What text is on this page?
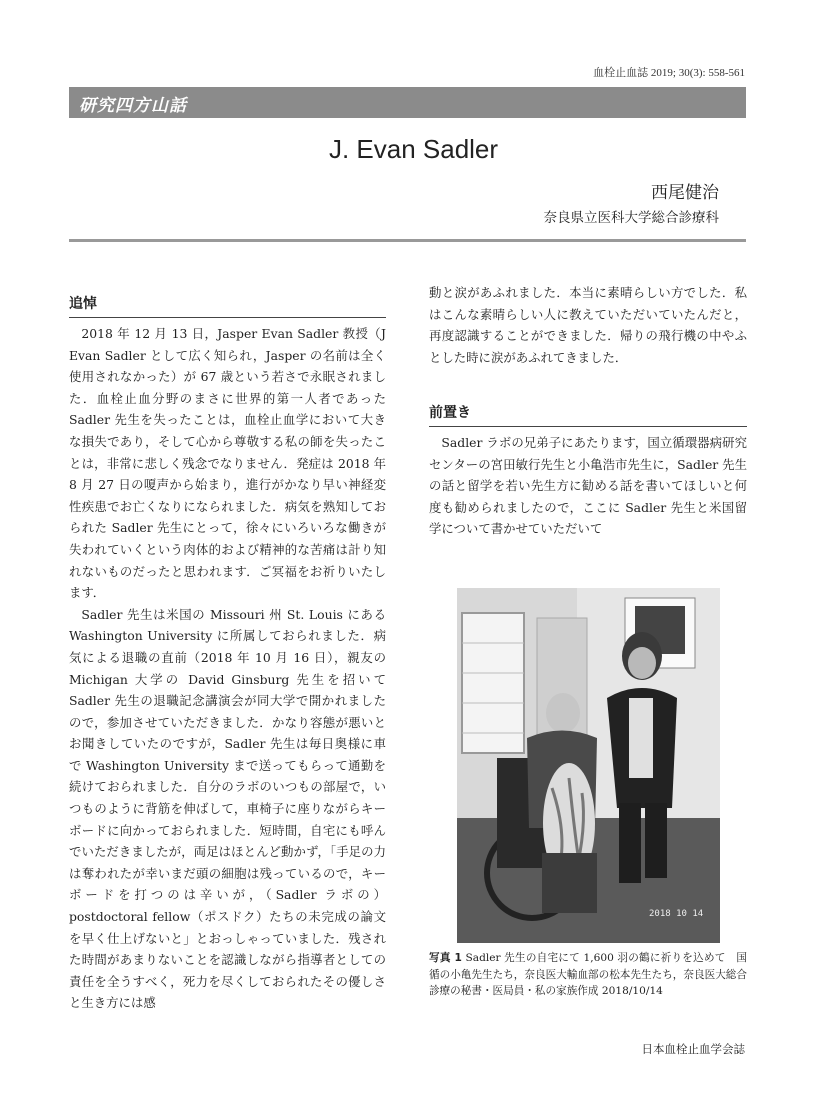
血栓止血誌 2019; 30(3): 558-561
研究四方山話
J. Evan Sadler
西尾健治
奈良県立医科大学総合診療科
追悼

2018 年 12 月 13 日，Jasper Evan Sadler 教授（J Evan Sadler として広く知られ，Jasper の名前は全く使用されなかった）が 67 歳という若さで永眠されました．血栓止血分野のまさに世界的第一人者であった Sadler 先生を失ったことは，血栓止血学において大きな損失であり，そして心から尊敬する私の師を失ったことは，非常に悲しく残念でなりません．発症は 2018 年 8 月 27 日の嗄声から始まり，進行がかなり早い神経変性疾患でお亡くなりになられました．病気を熟知しておられた Sadler 先生にとって，徐々にいろいろな働きが失われていくという肉体的および精神的な苦痛は計り知れないものだったと思われます．ご冥福をお祈りいたします．

Sadler 先生は米国の Missouri 州 St. Louis にある Washington University に所属しておられました．病気による退職の直前（2018 年 10 月 16 日），親友の Michigan 大学の David Ginsburg 先生を招いて Sadler 先生の退職記念講演会が同大学で開かれましたので，参加させていただきました．かなり容態が悪いとお聞きしていたのですが，Sadler 先生は毎日奥様に車で Washington University まで送ってもらって通勤を続けておられました．自分のラボのいつもの部屋で，いつものように背筋を伸ばして，車椅子に座りながらキーボードに向かっておられました．短時間，自宅にも呼んでいただきましたが，両足はほとんど動かず，「手足の力は奪われたが幸いまだ頭の細胞は残っているので，キーボードを打つのは辛いが，（Sadler ラボの）postdoctoral fellow（ポスドク）たちの未完成の論文を早く仕上げないと」とおっしゃっていました．残された時間があまりないことを認識しながら指導者としての責任を全うすべく，死力を尽くしておられたその優しさと生き方には感

動と涙があふれました．本当に素晴らしい方でした．私はこんな素晴らしい人に教えていただいていたんだと，再度認識することができました．帰りの飛行機の中やふとした時に涙があふれてきました．

前置き

Sadler ラボの兄弟子にあたります，国立循環器病研究センターの宮田敏行先生と小亀浩市先生に，Sadler 先生の話と留学を若い先生方に勧める話を書いてほしいと何度も勧められましたので，ここに Sadler 先生と米国留学について書かせていただいて

2018 10 14
写真 1 Sadler 先生の自宅にて 1,600 羽の鶴に祈りを込めて　国循の小亀先生たち，奈良医大輸血部の松本先生たち，奈良医大総合診療の秘書・医局員・私の家族作成 2018/10/14
日本血栓止血学会誌
